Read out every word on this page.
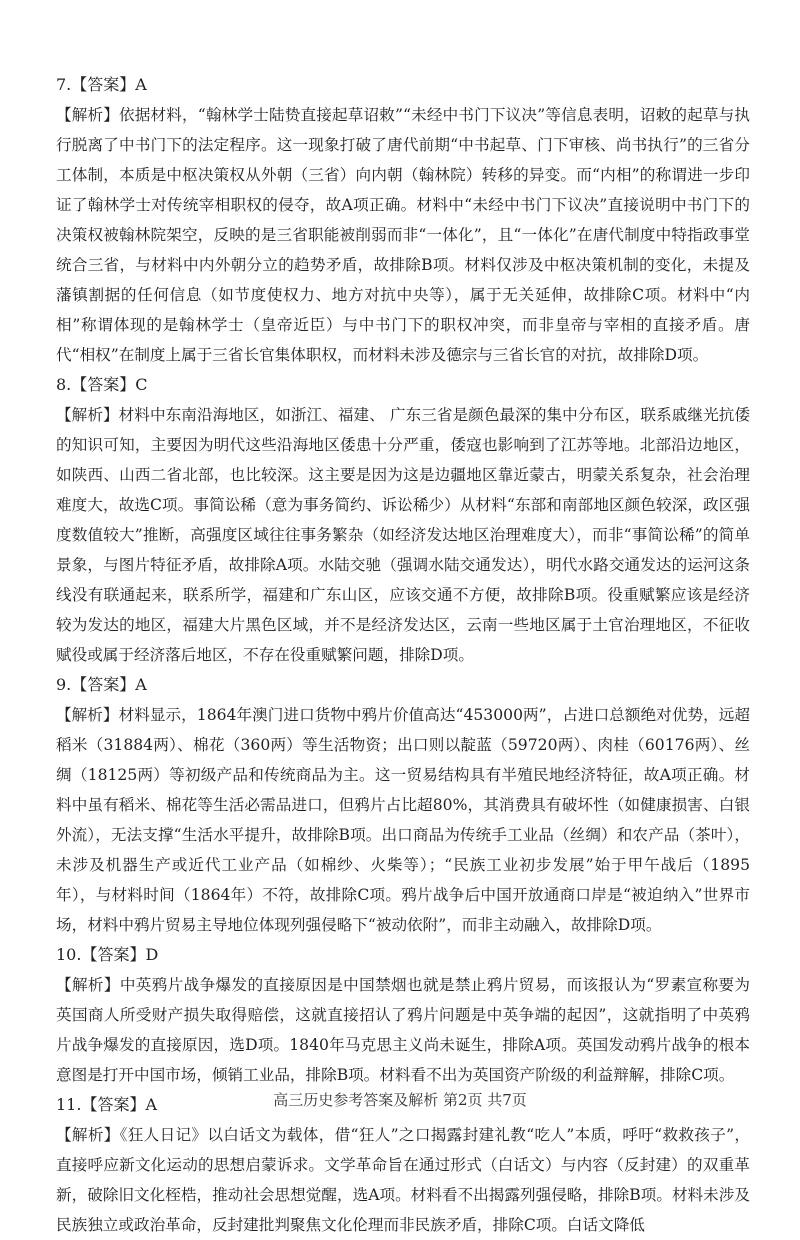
7.【答案】A

【解析】依据材料，“翰林学士陆贽直接起草诏敕”“未经中书门下议决”等信息表明，诏敕的起草与执行脱离了中书门下的法定程序。这一现象打破了唐代前期“中书起草、门下审核、尚书执行”的三省分工体制，本质是中枢决策权从外朝（三省）向内朝（翰林院）转移的异变。而“内相”的称谓进一步印证了翰林学士对传统宰相职权的侵夺，故A项正确。材料中“未经中书门下议决”直接说明中书门下的决策权被翰林院架空，反映的是三省职能被削弱而非“一体化”，且“一体化”在唐代制度中特指政事堂统合三省，与材料中内外朝分立的趋势矛盾，故排除B项。材料仅涉及中枢决策机制的变化，未提及藩镇割据的任何信息（如节度使权力、地方对抗中央等），属于无关延伸，故排除C项。材料中“内相”称谓体现的是翰林学士（皇帝近臣）与中书门下的职权冲突，而非皇帝与宰相的直接矛盾。唐代“相权”在制度上属于三省长官集体职权，而材料未涉及德宗与三省长官的对抗，故排除D项。

8.【答案】C

【解析】材料中东南沿海地区，如浙江、福建、 广东三省是颜色最深的集中分布区，联系戚继光抗倭的知识可知，主要因为明代这些沿海地区倭患十分严重，倭寇也影响到了江苏等地。北部沿边地区，如陕西、山西二省北部，也比较深。这主要是因为这是边疆地区靠近蒙古，明蒙关系复杂，社会治理难度大，故选C项。事简讼稀（意为事务简约、诉讼稀少）从材料“东部和南部地区颜色较深，政区强度数值较大”推断，高强度区域往往事务繁杂（如经济发达地区治理难度大），而非“事简讼稀”的简单景象，与图片特征矛盾，故排除A项。水陆交驰（强调水陆交通发达），明代水路交通发达的运河这条线没有联通起来，联系所学，福建和广东山区，应该交通不方便，故排除B项。役重赋繁应该是经济较为发达的地区，福建大片黑色区域，并不是经济发达区，云南一些地区属于土官治理地区，不征收赋役或属于经济落后地区，不存在役重赋繁问题，排除D项。

9.【答案】A

【解析】材料显示，1864年澳门进口货物中鸦片价值高达“453000两”，占进口总额绝对优势，远超稻米（31884两）、棉花（360两）等生活物资；出口则以靛蓝（59720两）、肉桂（60176两）、丝绸（18125两）等初级产品和传统商品为主。这一贸易结构具有半殖民地经济特征，故A项正确。材料中虽有稻米、棉花等生活必需品进口，但鸦片占比超80%，其消费具有破坏性（如健康损害、白银外流），无法支撑“生活水平提升，故排除B项。出口商品为传统手工业品（丝绸）和农产品（茶叶），未涉及机器生产或近代工业产品（如棉纱、火柴等）；“民族工业初步发展”始于甲午战后（1895年），与材料时间（1864年）不符，故排除C项。鸦片战争后中国开放通商口岸是“被迫纳入”世界市场，材料中鸦片贸易主导地位体现列强侵略下“被动依附”，而非主动融入，故排除D项。

10.【答案】D

【解析】中英鸦片战争爆发的直接原因是中国禁烟也就是禁止鸦片贸易，而该报认为“罗素宣称要为英国商人所受财产损失取得赔偿，这就直接招认了鸦片问题是中英争端的起因”，这就指明了中英鸦片战争爆发的直接原因，选D项。1840年马克思主义尚未诞生，排除A项。英国发动鸦片战争的根本意图是打开中国市场，倾销工业品，排除B项。材料看不出为英国资产阶级的利益辩解，排除C项。

11.【答案】A

【解析】《狂人日记》以白话文为载体，借“狂人”之口揭露封建礼教“吃人”本质，呼吁“救救孩子”，直接呼应新文化运动的思想启蒙诉求。文学革命旨在通过形式（白话文）与内容（反封建）的双重革新，破除旧文化桎梏，推动社会思想觉醒，选A项。材料看不出揭露列强侵略，排除B项。材料未涉及民族独立或政治革命，反封建批判聚焦文化伦理而非民族矛盾，排除C项。白话文降低

高三历史参考答案及解析 第2页 共7页
